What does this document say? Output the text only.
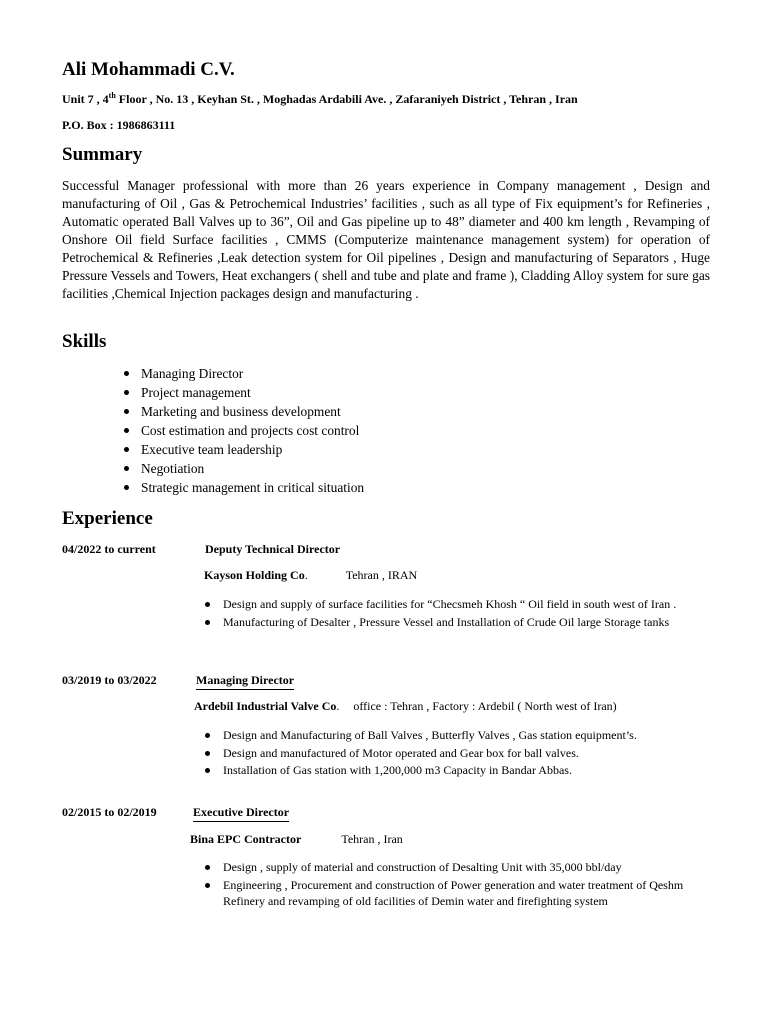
Ali Mohammadi C.V.
Unit 7 , 4th Floor , No. 13 , Keyhan St. , Moghadas Ardabili Ave. , Zafaraniyeh District , Tehran , Iran
P.O. Box : 1986863111
Summary
Successful Manager professional with more than 26 years experience in Company management , Design and manufacturing of Oil , Gas & Petrochemical Industries’ facilities , such as all type of Fix equipment’s for Refineries , Automatic operated Ball Valves up to 36”, Oil and Gas pipeline up to 48” diameter and 400 km length , Revamping of Onshore Oil field Surface facilities , CMMS (Computerize maintenance management system) for operation of Petrochemical & Refineries ,Leak detection system for Oil pipelines , Design and manufacturing of Separators , Huge Pressure Vessels and Towers, Heat exchangers ( shell and tube and plate and frame ), Cladding Alloy system for sure gas facilities ,Chemical Injection packages design and manufacturing .
Skills
Managing Director
Project management
Marketing and business development
Cost estimation and projects cost control
Executive team leadership
Negotiation
Strategic management in critical situation
Experience
04/2022 to current	Deputy Technical Director
Kayson Holding Co.	Tehran , IRAN
Design and supply of surface facilities for “Checsmeh Khosh “ Oil field in south west of Iran .
Manufacturing of Desalter , Pressure Vessel and Installation of Crude Oil large Storage tanks
03/2019 to 03/2022	Managing Director
Ardebil Industrial Valve Co. office : Tehran , Factory : Ardebil ( North west of Iran)
Design and Manufacturing of Ball Valves , Butterfly Valves , Gas station equipment’s.
Design and manufactured of Motor operated and Gear box for ball valves.
Installation of Gas station with 1,200,000 m3 Capacity in Bandar Abbas.
02/2015 to 02/2019	Executive Director
Bina EPC Contractor	Tehran , Iran
Design , supply of material and construction of Desalting Unit with 35,000 bbl/day
Engineering , Procurement and construction of Power generation and water treatment of Qeshm Refinery and revamping of old facilities of Demin water and firefighting system
